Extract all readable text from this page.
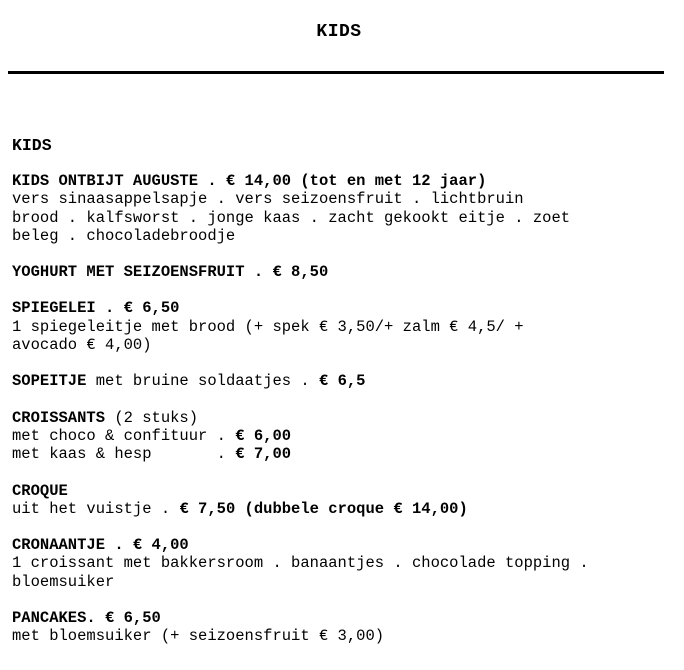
KIDS
KIDS
KIDS ONTBIJT AUGUSTE . € 14,00 (tot en met 12 jaar)
vers sinaasappelsapje . vers seizoensfruit . lichtbruin
brood . kalfsworst . jonge kaas . zacht gekookt eitje . zoet
beleg . chocoladebroodje
YOGHURT MET SEIZOENSFRUIT . € 8,50
SPIEGELEI . € 6,50
1 spiegeleitje met brood (+ spek € 3,50/+ zalm € 4,5/ +
avocado € 4,00)
SOPEITJE met bruine soldaatjes . € 6,5
CROISSANTS (2 stuks)
met choco & confituur . € 6,00
met kaas & hesp       . € 7,00
CROQUE
uit het vuistje . € 7,50 (dubbele croque € 14,00)
CRONAANTJE . € 4,00
1 croissant met bakkersroom . banaantjes . chocolade topping .
bloemsuiker
PANCAKES. € 6,50
met bloemsuiker (+ seizoensfruit € 3,00)
